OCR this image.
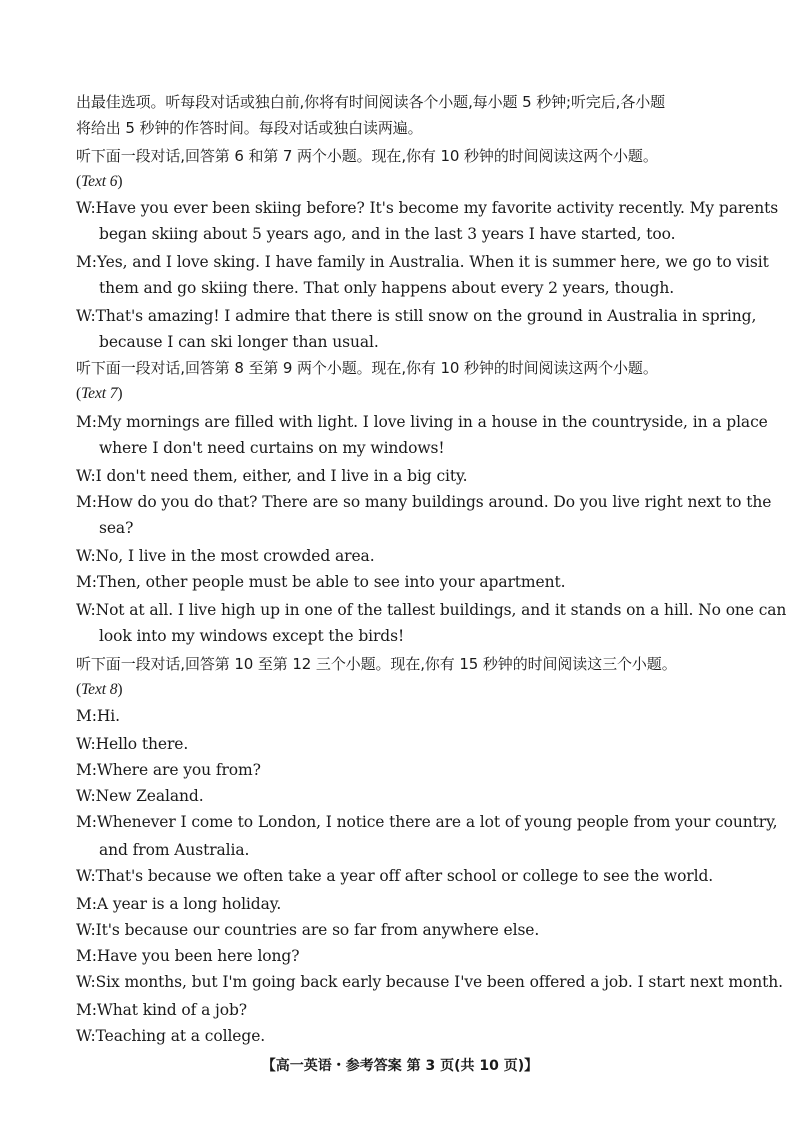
出最佳选项。听每段对话或独白前,你将有时间阅读各个小题,每小题 5 秒钟;听完后,各小题
将给出 5 秒钟的作答时间。每段对话或独白读两遍。
听下面一段对话,回答第 6 和第 7 两个小题。现在,你有 10 秒钟的时间阅读这两个小题。
(Text 6)
W:Have you ever been skiing before? It's become my favorite activity recently. My parents
began skiing about 5 years ago, and in the last 3 years I have started, too.
M:Yes, and I love sking. I have family in Australia. When it is summer here, we go to visit
them and go skiing there. That only happens about every 2 years, though.
W:That's amazing! I admire that there is still snow on the ground in Australia in spring,
because I can ski longer than usual.
听下面一段对话,回答第 8 至第 9 两个小题。现在,你有 10 秒钟的时间阅读这两个小题。
(Text 7)
M:My mornings are filled with light. I love living in a house in the countryside, in a place
where I don't need curtains on my windows!
W:I don't need them, either, and I live in a big city.
M:How do you do that? There are so many buildings around. Do you live right next to the
sea?
W:No, I live in the most crowded area.
M:Then, other people must be able to see into your apartment.
W:Not at all. I live high up in one of the tallest buildings, and it stands on a hill. No one can
look into my windows except the birds!
听下面一段对话,回答第 10 至第 12 三个小题。现在,你有 15 秒钟的时间阅读这三个小题。
(Text 8)
M:Hi.
W:Hello there.
M:Where are you from?
W:New Zealand.
M:Whenever I come to London, I notice there are a lot of young people from your country,
and from Australia.
W:That's because we often take a year off after school or college to see the world.
M:A year is a long holiday.
W:It's because our countries are so far from anywhere else.
M:Have you been here long?
W:Six months, but I'm going back early because I've been offered a job. I start next month.
M:What kind of a job?
W:Teaching at a college.
【高一英语・参考答案 第 3 页(共 10 页)】
